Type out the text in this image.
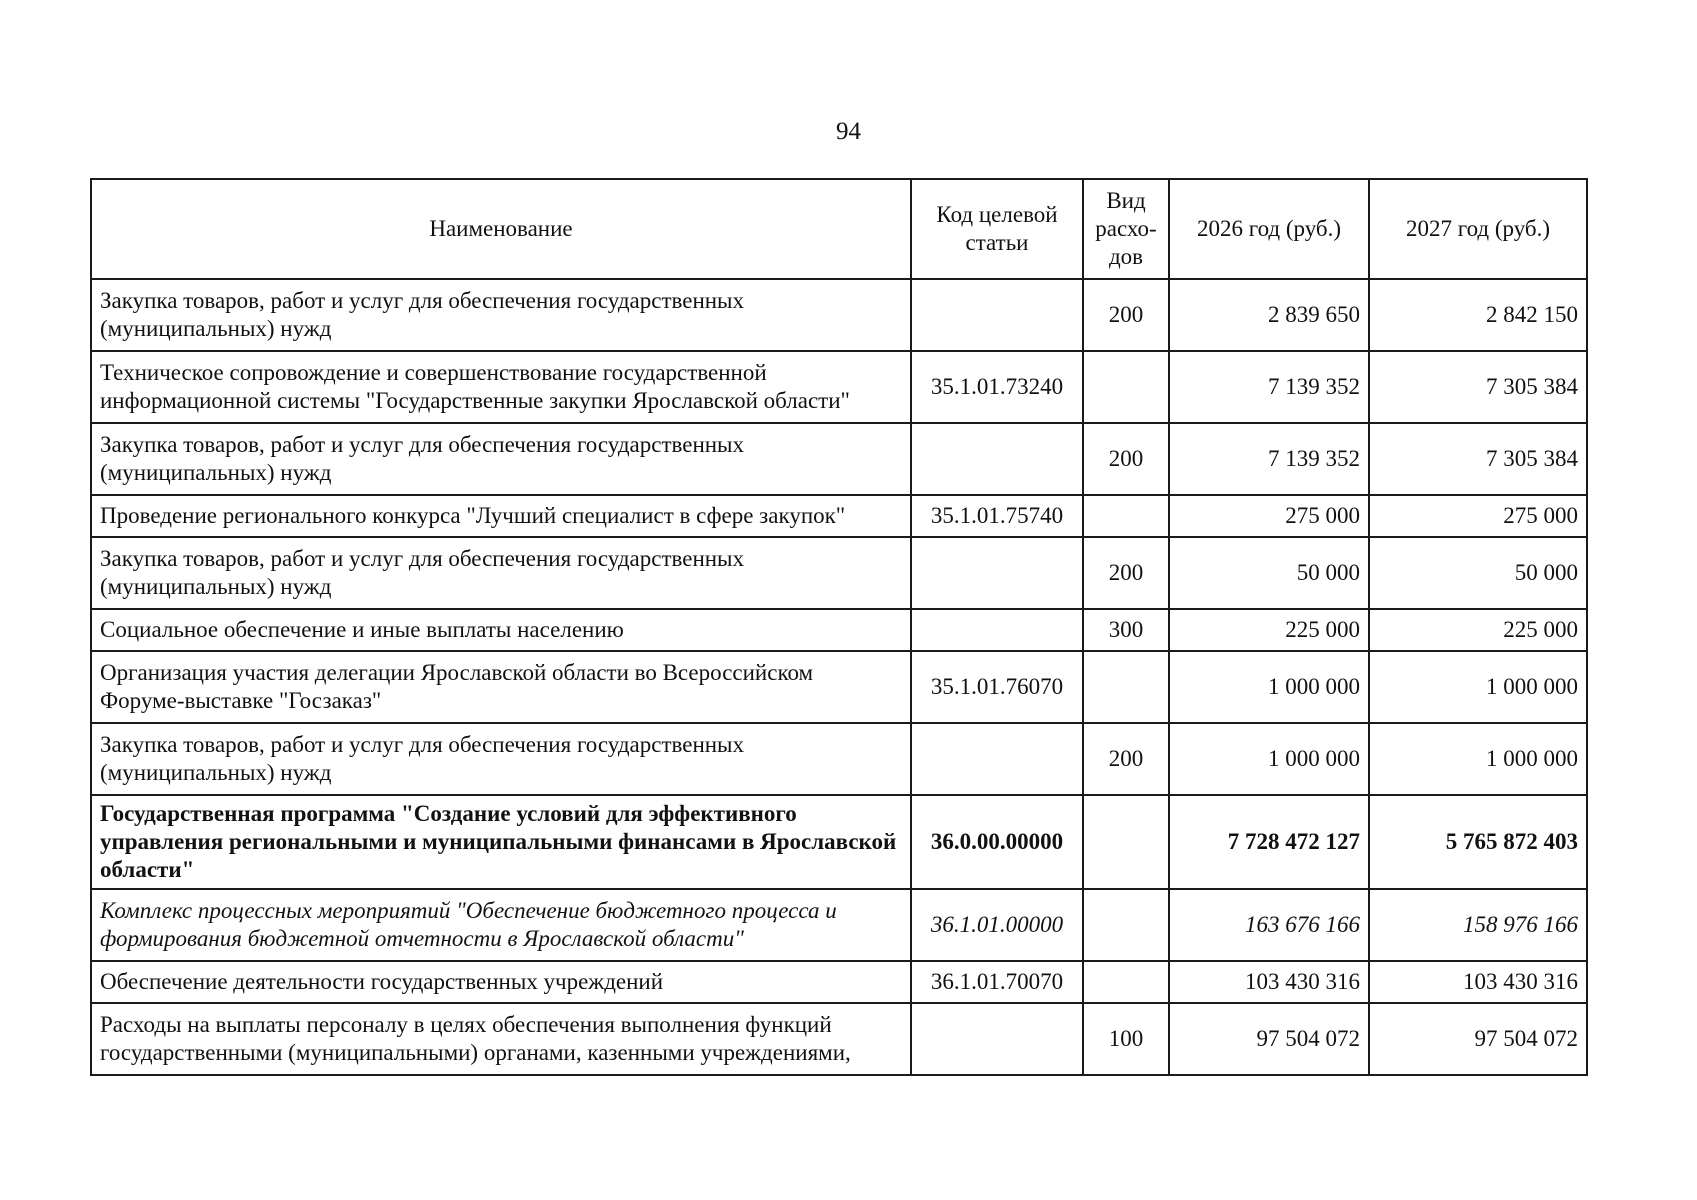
94
Наименование	Код целевой статьи	Вид расхо-дов	2026 год (руб.)	2027 год (руб.)
Закупка товаров, работ и услуг для обеспечения государственных (муниципальных) нужд		200	2 839 650	2 842 150
Техническое сопровождение и совершенствование государственной информационной системы "Государственные закупки Ярославской области"	35.1.01.73240		7 139 352	7 305 384
Закупка товаров, работ и услуг для обеспечения государственных (муниципальных) нужд		200	7 139 352	7 305 384
Проведение регионального конкурса "Лучший специалист в сфере закупок"	35.1.01.75740		275 000	275 000
Закупка товаров, работ и услуг для обеспечения государственных (муниципальных) нужд		200	50 000	50 000
Социальное обеспечение и иные выплаты населению		300	225 000	225 000
Организация участия делегации Ярославской области во Всероссийском Форуме-выставке "Госзаказ"	35.1.01.76070		1 000 000	1 000 000
Закупка товаров, работ и услуг для обеспечения государственных (муниципальных) нужд		200	1 000 000	1 000 000
Государственная программа "Создание условий для эффективного управления региональными и муниципальными финансами в Ярославской области"	36.0.00.00000		7 728 472 127	5 765 872 403
Комплекс процессных мероприятий "Обеспечение бюджетного процесса и формирования бюджетной отчетности в Ярославской области"	36.1.01.00000		163 676 166	158 976 166
Обеспечение деятельности государственных учреждений	36.1.01.70070		103 430 316	103 430 316
Расходы на выплаты персоналу в целях обеспечения выполнения функций государственными (муниципальными) органами, казенными учреждениями,		100	97 504 072	97 504 072
